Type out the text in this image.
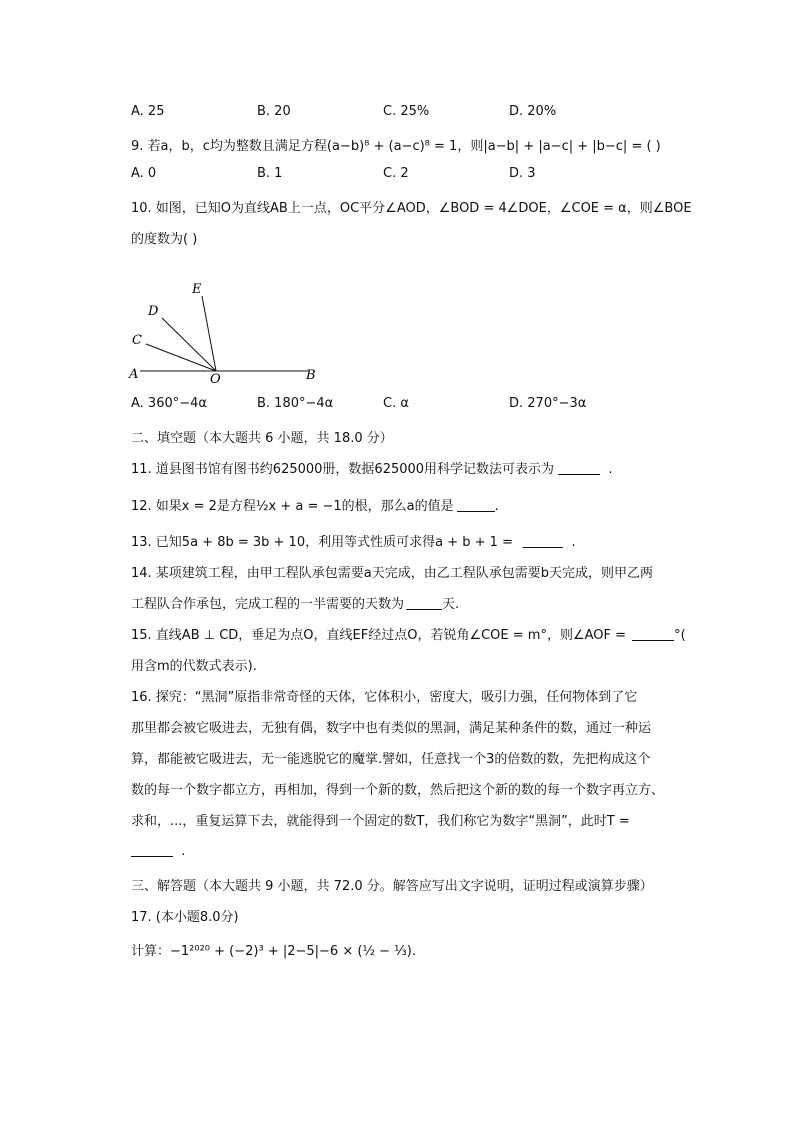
A. 25	B. 20	C. 25%	D. 20%
9. 若a，b，c均为整数且满足方程(a−b)⁸ + (a−c)⁸ = 1，则|a−b| + |a−c| + |b−c| = ( )
A. 0	B. 1	C. 2	D. 3
10. 如图，已知O为直线AB上一点，OC平分∠AOD，∠BOD = 4∠DOE，∠COE = α，则∠BOE
的度数为( )
A	B
C
D
E
O
A. 360°−4α	B. 180°−4α	C. α	D. 270°−3α
二、填空题（本大题共 6 小题，共 18.0 分）
11. 道县图书馆有图书约625000册，数据625000用科学记数法可表示为	.
12. 如果x = 2是方程½x + a = −1的根，那么a的值是	.
13. 已知5a + 8b = 3b + 10，利用等式性质可求得a + b + 1 =	.
14. 某项建筑工程，由甲工程队承包需要a天完成，由乙工程队承包需要b天完成，则甲乙两
工程队合作承包，完成工程的一半需要的天数为	天.
15. 直线AB ⊥ CD，垂足为点O，直线EF经过点O，若锐角∠COE = m°，则∠AOF =	°(
用含m的代数式表示).
16. 探究：“黑洞”原指非常奇怪的天体，它体积小，密度大，吸引力强，任何物体到了它
那里都会被它吸进去，无独有偶，数字中也有类似的黑洞，满足某种条件的数，通过一种运
算，都能被它吸进去，无一能逃脱它的魔掌.譬如，任意找一个3的倍数的数，先把构成这个
数的每一个数字都立方，再相加，得到一个新的数，然后把这个新的数的每一个数字再立方、
求和，...，重复运算下去，就能得到一个固定的数T，我们称它为数字“黑洞”，此时T =
.
三、解答题（本大题共 9 小题，共 72.0 分。解答应写出文字说明，证明过程或演算步骤）
17. (本小题8.0分)
计算：−1²⁰²⁰ + (−2)³ + |2−5|−6 × (½ − ⅓).
